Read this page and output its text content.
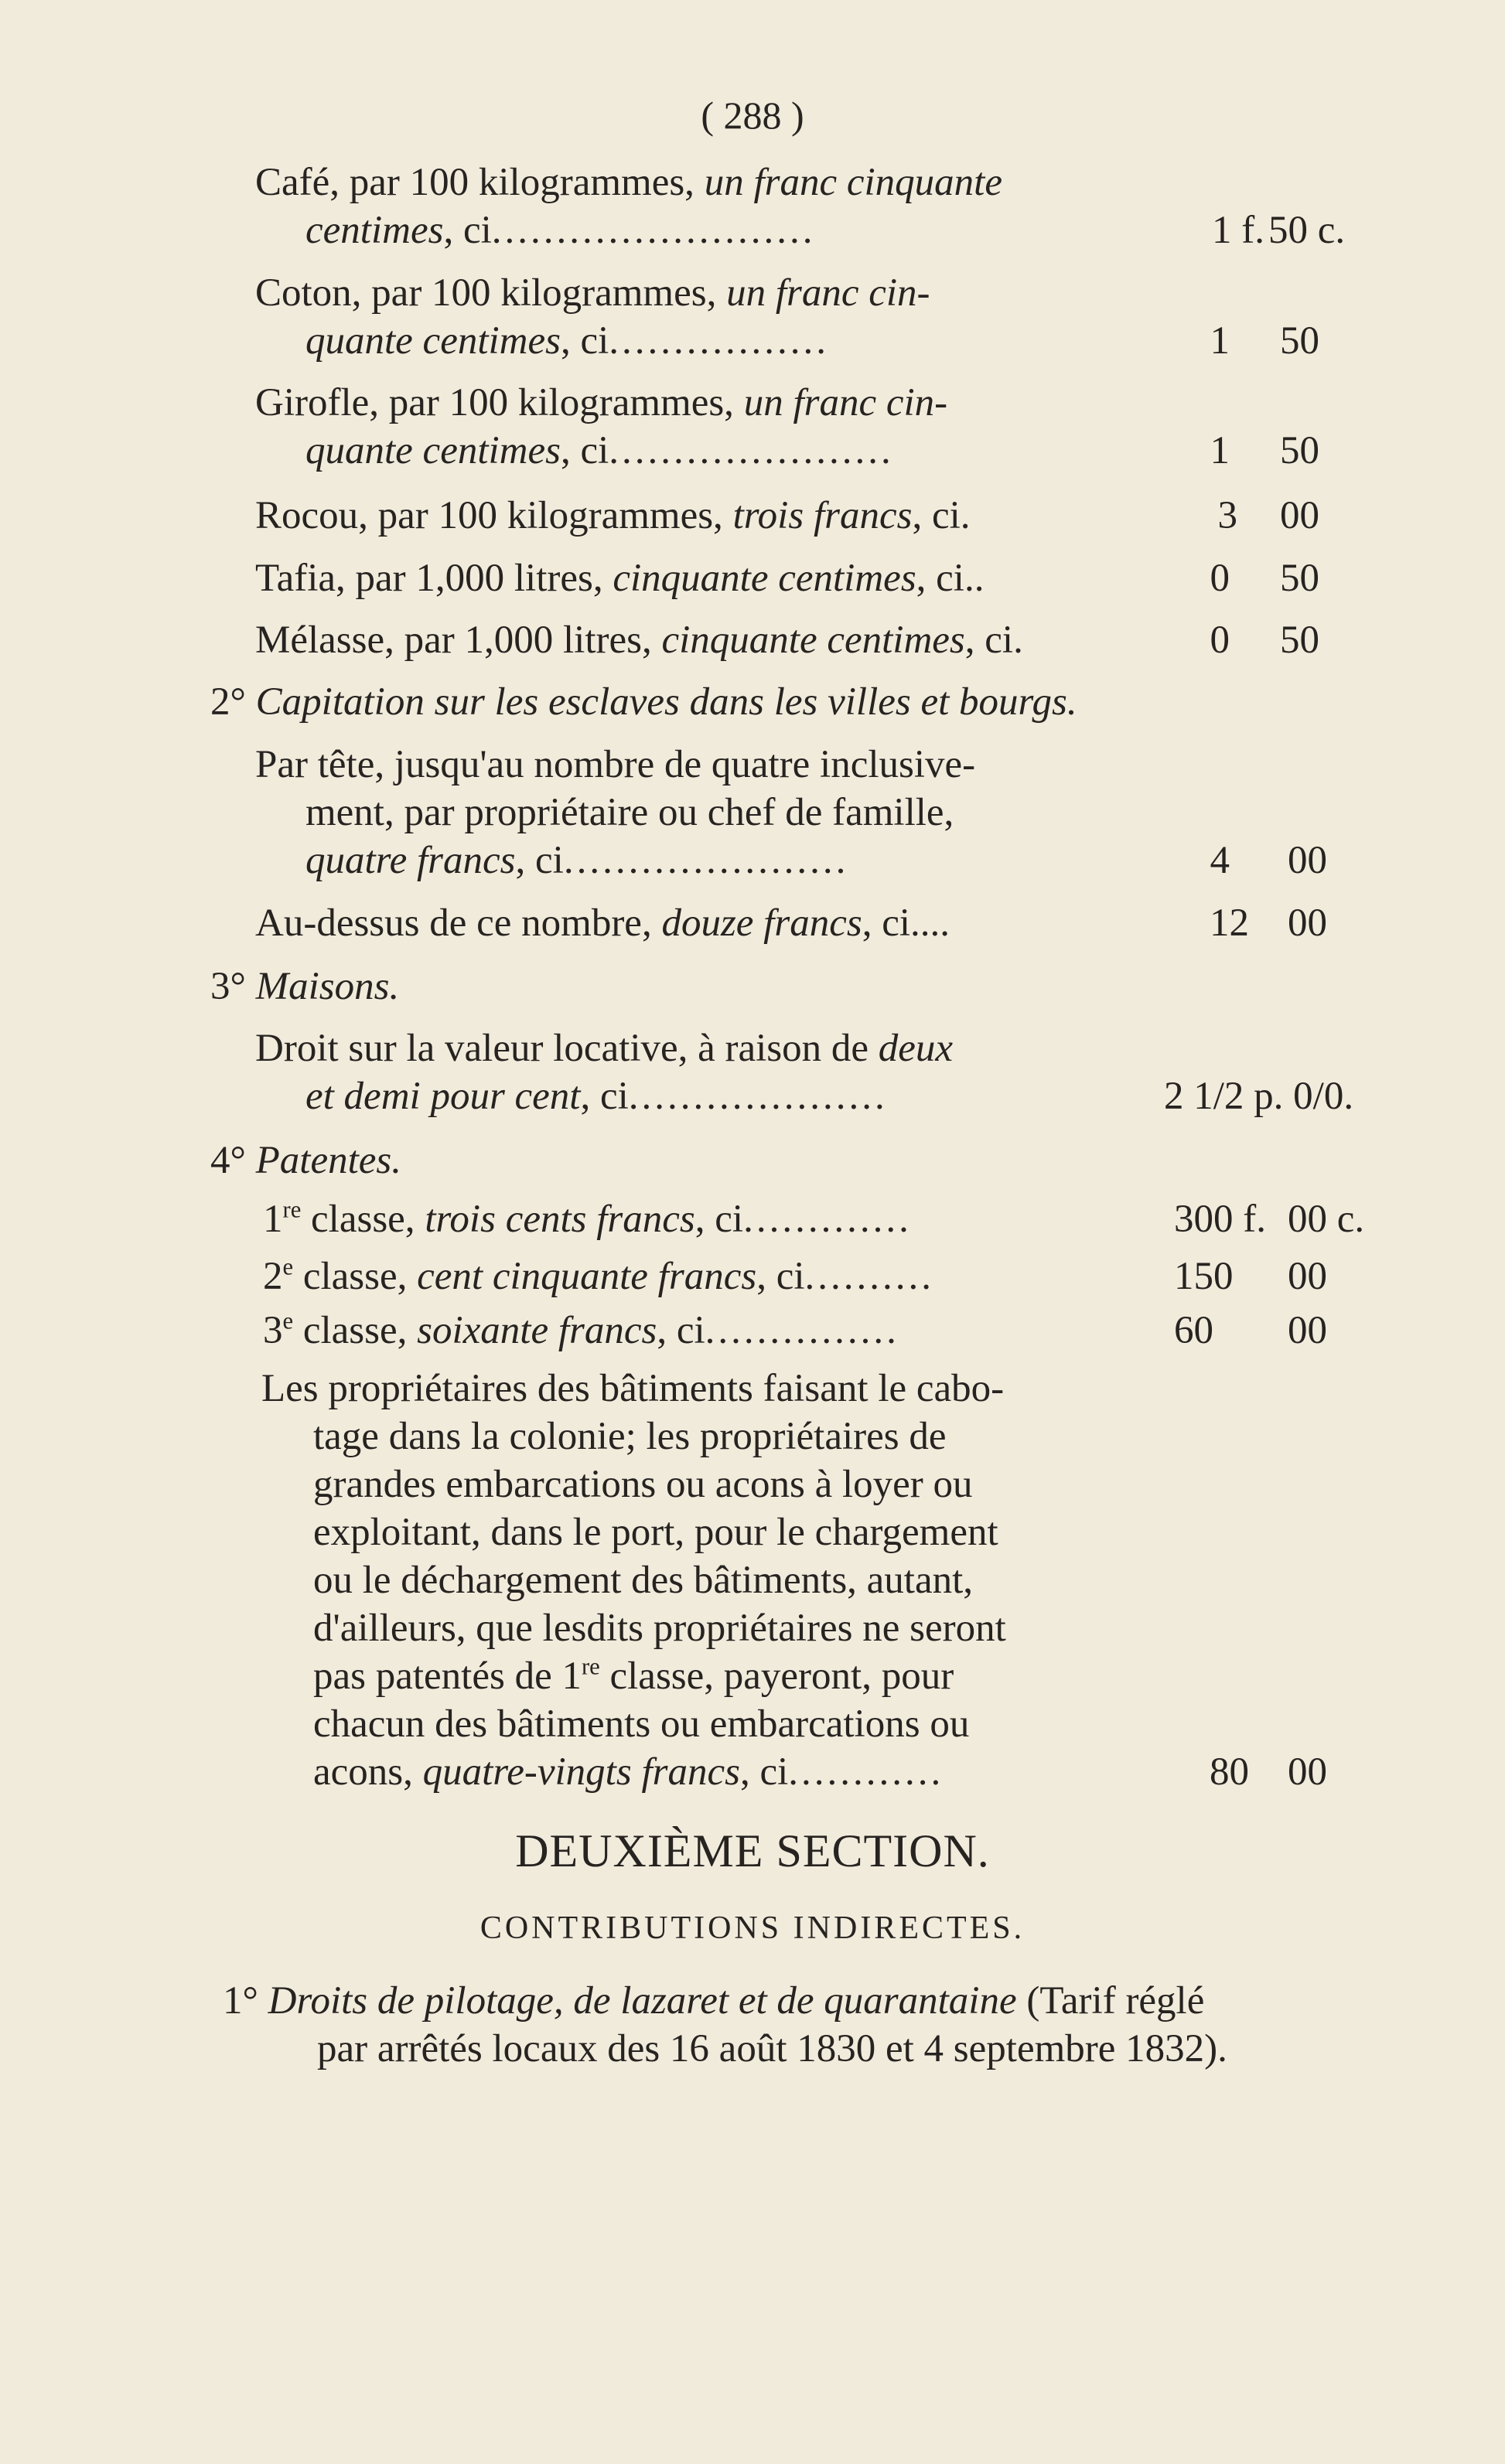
( 288 )
Café, par 100 kilogrammes, un franc cinquante
centimes, ci.........................	1 f. 50 c.
Coton, par 100 kilogrammes, un franc cin-
quante centimes, ci.................	1 50
Girofle, par 100 kilogrammes, un franc cin-
quante centimes, ci......................	1 50
Rocou, par 100 kilogrammes, trois francs, ci.	3 00
Tafia, par 1,000 litres, cinquante centimes, ci..	0 50
Mélasse, par 1,000 litres, cinquante centimes, ci.	0 50
2° Capitation sur les esclaves dans les villes et bourgs.
Par tête, jusqu'au nombre de quatre inclusive-
ment, par propriétaire ou chef de famille,
quatre francs, ci......................	4 00
Au-dessus de ce nombre, douze francs, ci....	12 00
3° Maisons.
Droit sur la valeur locative, à raison de deux
et demi pour cent, ci....................	2 1/2 p. 0/0.
4° Patentes.
1re classe, trois cents francs, ci.............	300 f. 00 c.
2e classe, cent cinquante francs, ci..........	150	00
3e classe, soixante francs, ci...............	60	00
Les propriétaires des bâtiments faisant le cabo-
tage dans la colonie; les propriétaires de
grandes embarcations ou acons à loyer ou
exploitant, dans le port, pour le chargement
ou le déchargement des bâtiments, autant,
d'ailleurs, que lesdits propriétaires ne seront
pas patentés de 1re classe, payeront, pour
chacun des bâtiments ou embarcations ou
acons, quatre-vingts francs, ci............	80 00
DEUXIÈME SECTION.
CONTRIBUTIONS INDIRECTES.
1° Droits de pilotage, de lazaret et de quarantaine (Tarif réglé
par arrêtés locaux des 16 août 1830 et 4 septembre 1832).
